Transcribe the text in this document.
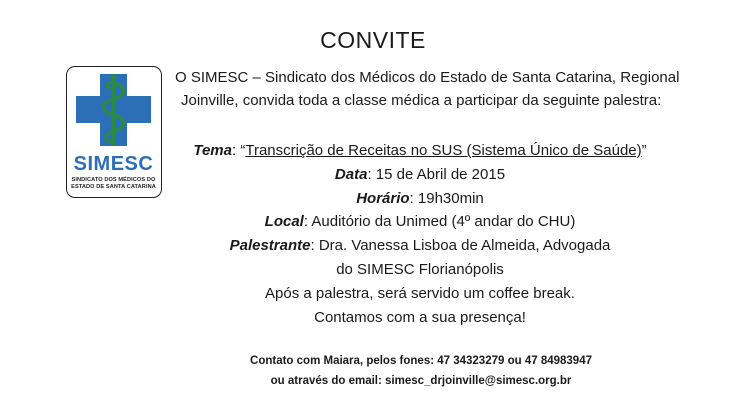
CONVITE
SIMESC
SINDICATO DOS MÉDICOS DO
ESTADO DE SANTA CATARINA
O SIMESC – Sindicato dos Médicos do Estado de Santa Catarina, Regional
Joinville, convida toda a classe médica a participar da seguinte palestra:
Tema: “Transcrição de Receitas no SUS (Sistema Único de Saúde)”
Data: 15 de Abril de 2015
Horário: 19h30min
Local: Auditório da Unimed (4º andar do CHU)
Palestrante: Dra. Vanessa Lisboa de Almeida, Advogada
do SIMESC Florianópolis
Após a palestra, será servido um coffee break.
Contamos com a sua presença!
Contato com Maiara, pelos fones: 47 34323279 ou 47 84983947
ou através do email: simesc_drjoinville@simesc.org.br
